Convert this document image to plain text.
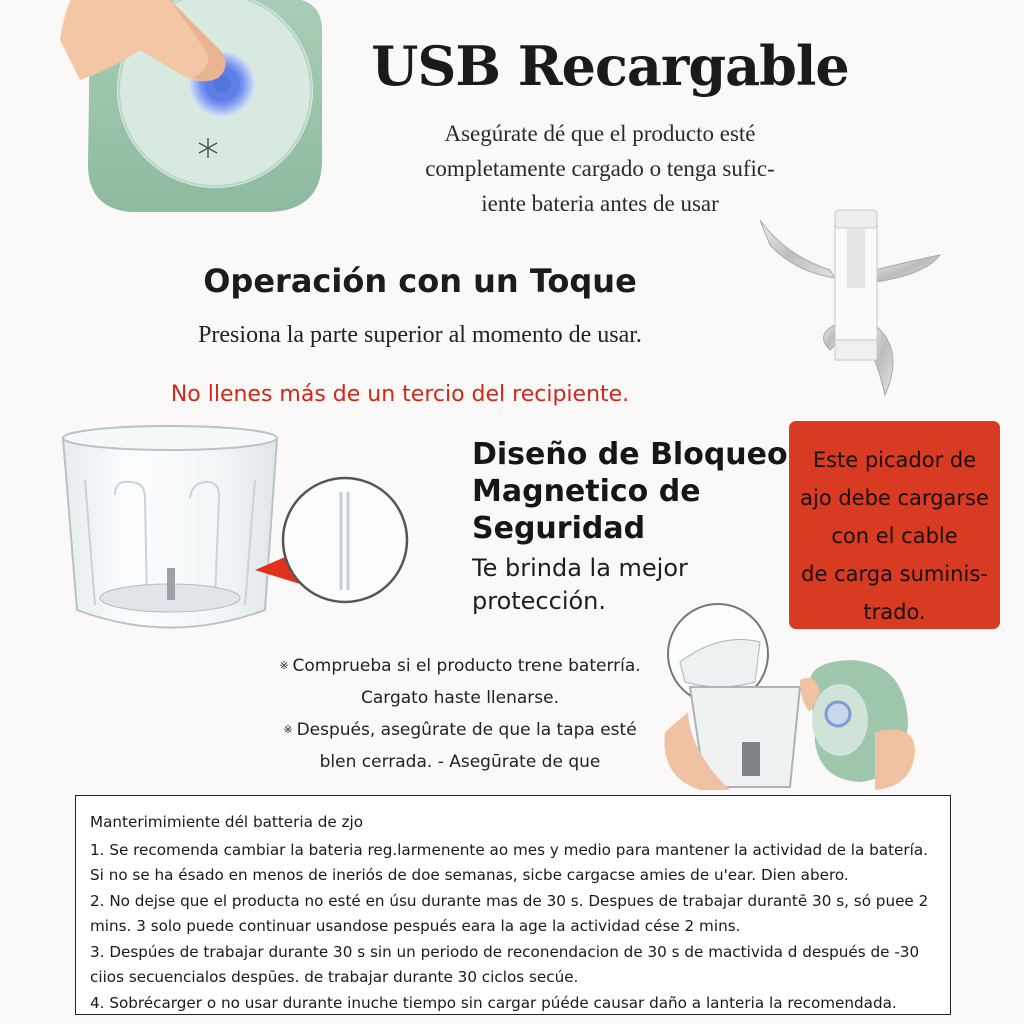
USB Recargable
Asegúrate dé que el producto esté
completamente cargado o tenga sufic-
iente bateria antes de usar
Operación con un Toque
Presiona la parte superior al momento de usar.
No llenes más de un tercio del recipiente.
Diseño de Bloqueo
Magnetico de
Seguridad
Te brinda la mejor
protección.
Este picador de
ajo debe cargarse
con el cable
de carga suminis-
trado.
※ Comprueba si el producto trene baterría.
Cargato haste llenarse.
※ Después, asegûrate de que la tapa esté
blen cerrada. - Asegūrate de que
Manterimimiente dél batteria de zjo
1. Se recomenda cambiar la bateria reg.larmenente ao mes y medio para mantener la actividad de la batería. Si no se ha ésado en menos de ineriós de doe semanas, sicbe cargacse amies de u'ear. Dien abero.
2. No dejse que el producta no esté en úsu durante mas de 30 s. Despues de trabajar durantē 30 s, só puee 2 mins. 3 solo puede continuar usandose pespués eara la age la actividad cése 2 mins.
3. Despúes de trabajar durante 30 s sin un periodo de reconendacion de 30 s de mactivida d después de -30 ciios secuencialos despūes. de trabajar durante 30 ciclos secúe.
4. Sobrécarger o no usar durante inuche tiempo sin cargar púéde causar daño a lanteria la recomendada.
